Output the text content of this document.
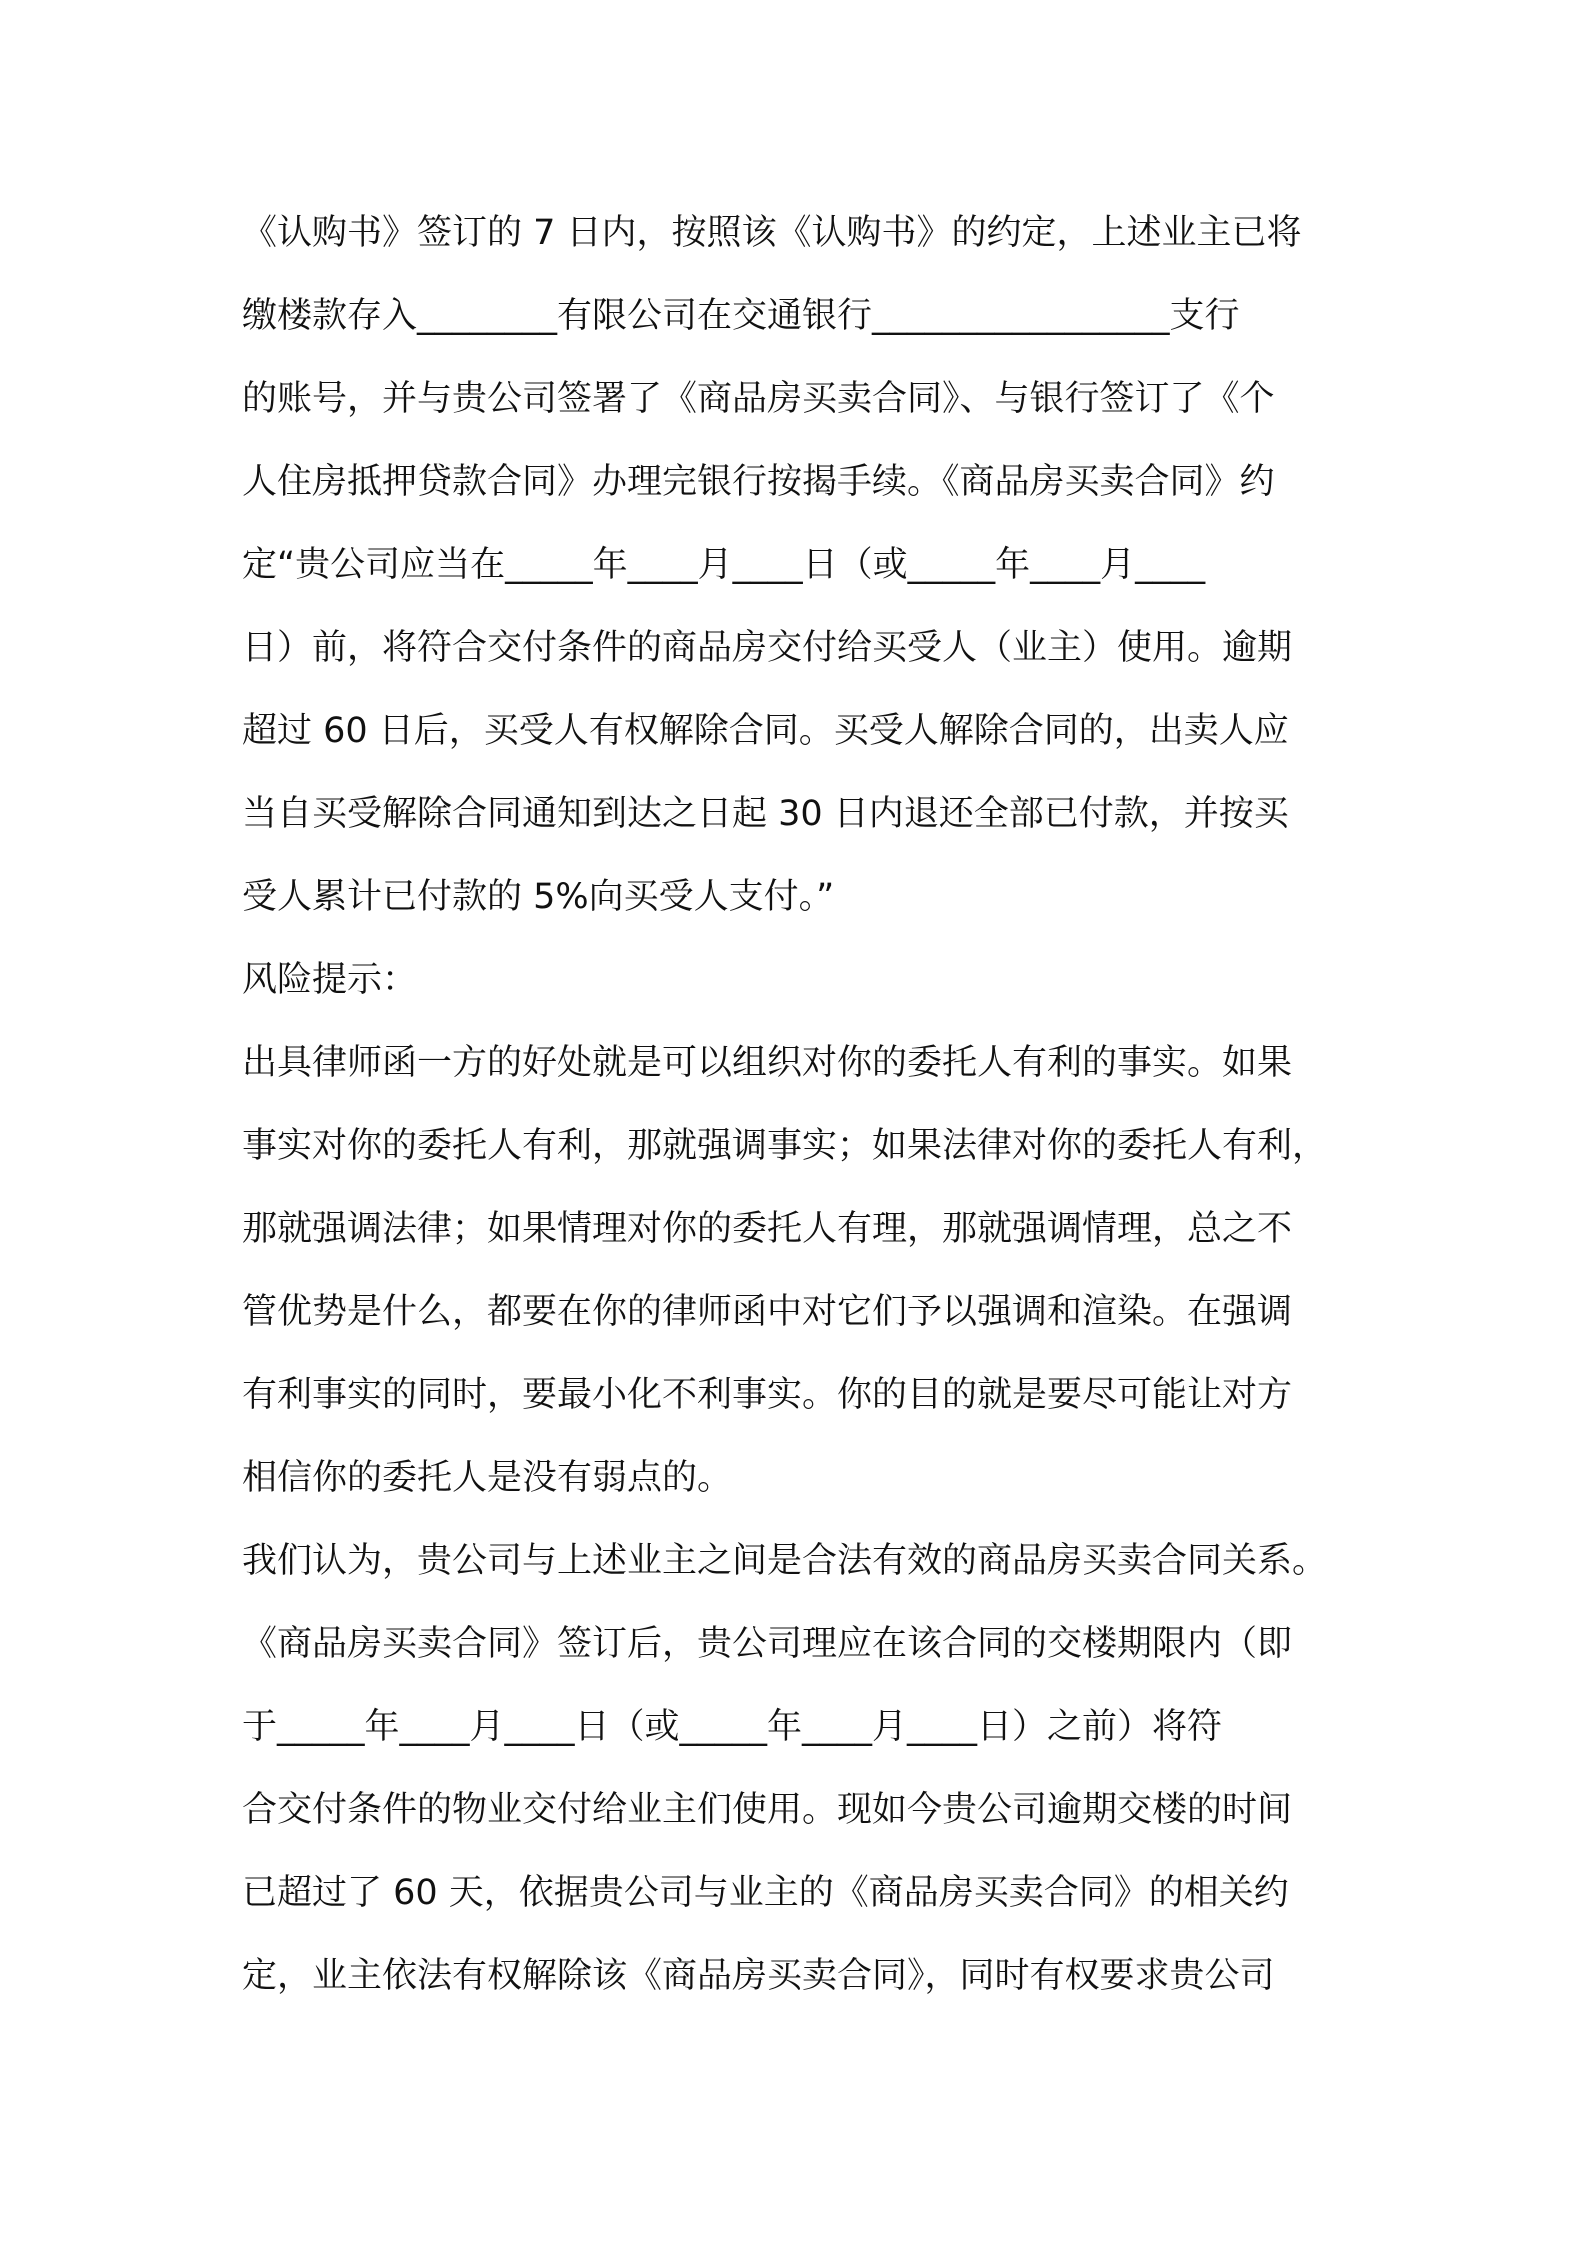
《认购书》签订的 7 日内，按照该《认购书》的约定，上述业主已将
缴楼款存入________有限公司在交通银行_________________支行
的账号，并与贵公司签署了《商品房买卖合同》、与银行签订了《个
人住房抵押贷款合同》办理完银行按揭手续。《商品房买卖合同》约
定“贵公司应当在_____年____月____日（或_____年____月____
日）前，将符合交付条件的商品房交付给买受人（业主）使用。逾期
超过 60 日后，买受人有权解除合同。买受人解除合同的，出卖人应
当自买受解除合同通知到达之日起 30 日内退还全部已付款，并按买
受人累计已付款的 5%向买受人支付。”
风险提示：
出具律师函一方的好处就是可以组织对你的委托人有利的事实。如果
事实对你的委托人有利，那就强调事实；如果法律对你的委托人有利，
那就强调法律；如果情理对你的委托人有理，那就强调情理，总之不
管优势是什么，都要在你的律师函中对它们予以强调和渲染。在强调
有利事实的同时，要最小化不利事实。你的目的就是要尽可能让对方
相信你的委托人是没有弱点的。
我们认为，贵公司与上述业主之间是合法有效的商品房买卖合同关系。
《商品房买卖合同》签订后，贵公司理应在该合同的交楼期限内（即
于_____年____月____日（或_____年____月____日）之前）将符
合交付条件的物业交付给业主们使用。现如今贵公司逾期交楼的时间
已超过了 60 天，依据贵公司与业主的《商品房买卖合同》的相关约
定，业主依法有权解除该《商品房买卖合同》，同时有权要求贵公司
